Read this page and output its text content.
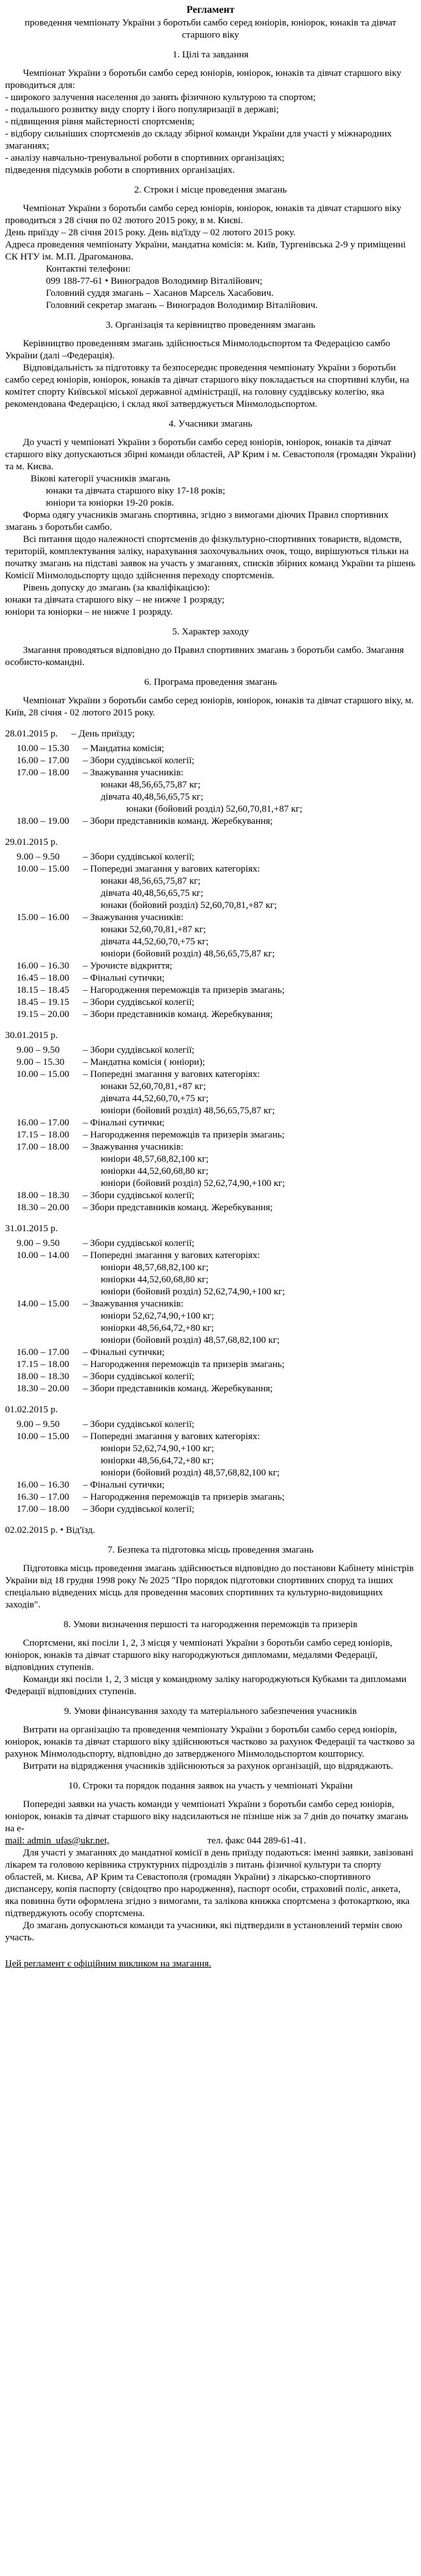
Регламент

проведення чемпіонату України з боротьби самбо серед юніорів, юніорок, юнаків та дівчат старшого віку

1. Цілі та завдання

Чемпіонат України з боротьби самбо серед юніорів, юніорок, юнаків та дівчат старшого віку проводиться для:

- широкого залучення населення до занять фізичною культурою та спортом;

- подальшого розвитку виду спорту і його популяризації в державі;

- підвищення рівня майстерності спортсменів;

- відбору сильніших спортсменів до складу збірної команди України для участі у міжнародних змаганнях;

- аналізу навчально-тренувальної роботи в спортивних організаціях;

підведення підсумків роботи в спортивних організаціях.

2. Строки і місце проведення змагань

Чемпіонат України з боротьби самбо серед юніорів, юніорок, юнаків та дівчат старшого віку проводиться з 28 січня по 02 лютого 2015 року, в м. Києві.

День приїзду – 28 січня 2015 року. День від'їзду – 02 лютого 2015 року.

Адреса проведення чемпіонату України, мандатна комісія: м. Київ, Тургенівська 2-9 у приміщенні СК НТУ ім. М.П. Драгоманова.

Контактні телефони:

099 188-77-61 • Виноградов Володимир Віталійович;

Головний суддя змагань – Хасанов Марсель Хасабович.

Головний секретар змагань – Виноградов Володимир Віталійович.

3. Організація та керівництво проведенням змагань

Керівництво проведенням змагань здійснюється Мінмолодьспортом та Федерацією самбо України (далі –Федерація).

Відповідальність за підготовку та безпосереднє проведення чемпіонату України з боротьби самбо серед юніорів, юніорок, юнаків та дівчат старшого віку покладається на спортивні клуби, на комітет спорту Київської міської державної адміністрації, на головну суддівську колегію, яка рекомендована Федерацією, і склад якої затверджується Мінмолодьспортом.

4. Учасники змагань

До участі у чемпіонаті України з боротьби самбо серед юніорів, юніорок, юнаків та дівчат старшого віку допускаються збірні команди областей, АР Крим і м. Севастополя (громадян України) та м. Києва.

Вікові категорії учасників змагань

юнаки та дівчата старшого віку 17-18 років;

юніори та юніорки 19-20 років.

Форма одягу учасників змагань спортивна, згідно з вимогами діючих Правил спортивних змагань з боротьби самбо.

Всі питання щодо належності спортсменів до фізкультурно-спортивних товариств, відомств, територій, комплектування заліку, нарахування заохочувальних очок, тощо, вирішуються тільки на початку змагань на підставі заявок на участь у змаганнях, списків збірних команд України та рішень Комісії Мінмолодьспорту щодо здійснення переходу спортсменів.

Рівень допуску до змагань (за кваліфікацією):

юнаки та дівчата старшого віку – не нижче 1 розряду;

юніори та юніорки – не нижче 1 розряду.

5. Характер заходу

Змагання проводяться відповідно до Правил спортивних змагань з боротьби самбо. Змагання особисто-командні.

6. Програма проведення змагань

Чемпіонат України з боротьби самбо серед юніорів, юніорок, юнаків та дівчат старшого віку, м. Київ, 28 січня - 02 лютого 2015 року.

28.01.2015 р.	– День приїзду;
10.00 – 15.30	– Мандатна комісія;
16.00 – 17.00	– Збори суддівської колегії;
17.00 – 18.00	– Зважування учасників:

юнаки 48,56,65,75,87 кг;

дівчата 40,48,56,65,75 кг;

юнаки (бойовий розділ) 52,60,70,81,+87 кг;

18.00 – 19.00	– Збори представників команд. Жеребкування;

29.01.2015 р.

9.00 – 9.50	– Збори суддівської колегії;
10.00 – 15.00	– Попередні змагання у вагових категоріях:

юнаки 48,56,65,75,87 кг;

дівчата 40,48,56,65,75 кг;

юнаки (бойовий розділ) 52,60,70,81,+87 кг;

15.00 – 16.00	– Зважування учасників:

юнаки 52,60,70,81,+87 кг;

дівчата 44,52,60,70,+75 кг;

юніори (бойовий розділ) 48,56,65,75,87 кг;

16.00 – 16.30	– Урочисте відкриття;
16.45 – 18.00	– Фінальні сутички;
18.15 – 18.45	– Нагородження переможців та призерів змагань;
18.45 – 19.15	– Збори суддівської колегії;
19.15 – 20.00	– Збори представників команд. Жеребкування;

30.01.2015 р.

9.00 – 9.50	– Збори суддівської колегії;
9.00 – 15.30	– Мандатна комісія ( юніори);
10.00 – 15.00	– Попередні змагання у вагових категоріях:

юнаки 52,60,70,81,+87 кг;

дівчата 44,52,60,70,+75 кг;

юніори (бойовий розділ) 48,56,65,75,87 кг;

16.00 – 17.00	– Фінальні сутички;
17.15 – 18.00	– Нагородження переможців та призерів змагань;
17.00 – 18.00	– Зважування учасників:

юніори 48,57,68,82,100 кг;

юніорки 44,52,60,68,80 кг;

юніори (бойовий розділ) 52,62,74,90,+100 кг;

18.00 – 18.30	– Збори суддівської колегії;
18.30 – 20.00	– Збори представників команд. Жеребкування;

31.01.2015 р.

9.00 – 9.50	– Збори суддівської колегії;
10.00 – 14.00	– Попередні змагання у вагових категоріях:

юніори 48,57,68,82,100 кг;

юніорки 44,52,60,68,80 кг;

юніори (бойовий розділ) 52,62,74,90,+100 кг;

14.00 – 15.00	– Зважування учасників:

юніори 52,62,74,90,+100 кг;

юніорки 48,56,64,72,+80 кг;

юніори (бойовий розділ) 48,57,68,82,100 кг;

16.00 – 17.00	– Фінальні сутички;
17.15 – 18.00	– Нагородження переможців та призерів змагань;
18.00 – 18.30	– Збори суддівської колегії;
18.30 – 20.00	– Збори представників команд. Жеребкування;

01.02.2015 р.

9.00 – 9.50	– Збори суддівської колегії;
10.00 – 15.00	– Попередні змагання у вагових категоріях:

юніори 52,62,74,90,+100 кг;

юніорки 48,56,64,72,+80 кг;

юніори (бойовий розділ) 48,57,68,82,100 кг;

16.00 – 16.30	– Фінальні сутички;
16.30 – 17.00	– Нагородження переможців та призерів змагань;
17.00 – 18.00	– Збори суддівської колегії;

02.02.2015 р. • Від'їзд.

7. Безпека та підготовка місць проведення змагань

Підготовка місць проведення змагань здійснюється відповідно до постанови Кабінету міністрів України від 18 грудня 1998 року № 2025 "Про порядок підготовки спортивних споруд та інших спеціально відведених місць для проведення масових спортивних та культурно-видовищних заходів".

8. Умови визначення першості та нагородження переможців та призерів

Спортсмени, які посіли 1, 2, 3 місця у чемпіонаті України з боротьби самбо серед юніорів, юніорок, юнаків та дівчат старшого віку нагороджуються дипломами, медалями Федерації, відповідних ступенів.

Команди які посіли 1, 2, 3 місця у командному заліку нагороджуються Кубками та дипломами Федерації відповідних ступенів.

9. Умови фінансування заходу та матеріального забезпечення учасників

Витрати на організацію та проведення чемпіонату України з боротьби самбо серед юніорів, юніорок, юнаків та дівчат старшого віку здійснюються частково за рахунок Федерації та частково за рахунок Мінмолодьспорту, відповідно до затвердженого Мінмолодьспортом кошторису.

Витрати на відрядження учасників здійснюються за рахунок організацій, що відряджають.

10. Строки та порядок подання заявок на участь у чемпіонаті України

Попередні заявки на участь команди у чемпіонаті України з боротьби самбо серед юніорів, юніорок, юнаків та дівчат старшого віку надсилаються не пізніше ніж за 7 днів до початку змагань на е-

mail: admin_ufas@ukr.net,	тел. факс 044 289-61-41.

Для участі у змаганнях до мандатної комісії в день приїзду подаються: іменні заявки, завізовані лікарем та головою керівника структурних підрозділів з питань фізичної культури та спорту областей, м. Києва, АР Крим та Севастополя (громадян України) з лікарсько-спортивного диспансеру, копія паспорту (свідоцтво про народження), паспорт особи, страховий поліс, анкета, яка повинна бути оформлена згідно з вимогами, та залікова книжка спортсмена з фотокарткою, яка підтверджують особу спортсмена.

До змагань допускаються команди та учасники, які підтвердили в установлений термін свою участь.

Цей регламент є офіційним викликом на змагання.
